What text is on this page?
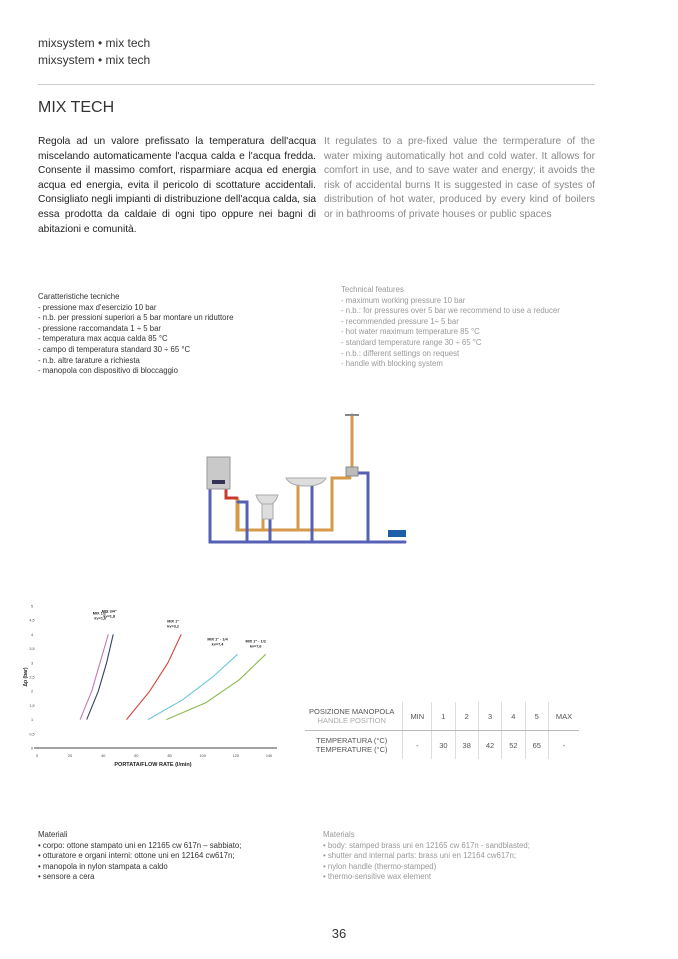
mixsystem • mix tech
mixsystem • mix tech
MIX TECH
Regola ad un valore prefissato la temperatura dell'acqua miscelando automaticamente l'acqua calda e l'acqua fredda. Consente il massimo comfort, risparmiare acqua ed energia acqua ed energia, evita il pericolo di scottature accidentali. Consigliato negli impianti di distribuzione dell'acqua calda, sia essa prodotta da caldaie di ogni tipo oppure nei bagni di abitazioni e comunità.
It regulates to a pre-fixed value the termperature of the water mixing automatically hot and cold water. It allows for comfort in use, and to save water and energy; it avoids the risk of accidental burns It is suggested in case of systes of distribution of hot water, produced by every kind of boilers or in bathrooms of private houses or public spaces
Caratteristiche tecniche
- pressione max d'esercizio 10 bar
- n.b. per pressioni superiori a 5 bar montare un riduttore
- pressione raccomandata 1 ÷ 5 bar
- temperatura max acqua calda 85 °C
- campo di temperatura standard 30 ÷ 65 °C
- n.b. altre tarature a richiesta
- manopola con dispositivo di bloccaggio
Technical features
- maximum working pressure 10 bar
- n.b.: for pressures over 5 bar we recommend to use a reducer
- recommended pressure 1÷ 5 bar
- hot water maximum temperature 85 °C
- standard temperature range 30 ÷ 65 °C
- n.b.: different settings on request
- handle with blocking system
0	20	40	60	80	100	120	140
0
0,5
1
1,5
2
2,5
3
3,5
4
4,5
5
PORTATA/FLOW RATE (l/min)
Δp (bar)
MIX 1/2"
kv=1,6
MIX 3/4"
kv=1,8
MIX 1"
kv=3,2
MIX 1" - 1/4
kv=7,4
MIX 1" - 1/2
kv=7,6
POSIZIONE MANOPOLA
HANDLE POSITION	MIN	1	2	3	4	5	MAX

TEMPERATURA (°C)
TEMPERATURE (°C)	-	30	38	42	52	65	-
Materiali
• corpo: ottone stampato uni en 12165 cw 617n – sabbiato;
• otturatore e organi interni: ottone uni en 12164 cw617n;
• manopola in nylon stampata a caldo
• sensore a cera
Materials
• body: stamped brass uni en 12165 cw 617n - sandblasted;
• shutter and internal parts: brass uni en 12164 cw617n;
• nylon handle (thermo-stamped)
• thermo-sensitive wax element
36
